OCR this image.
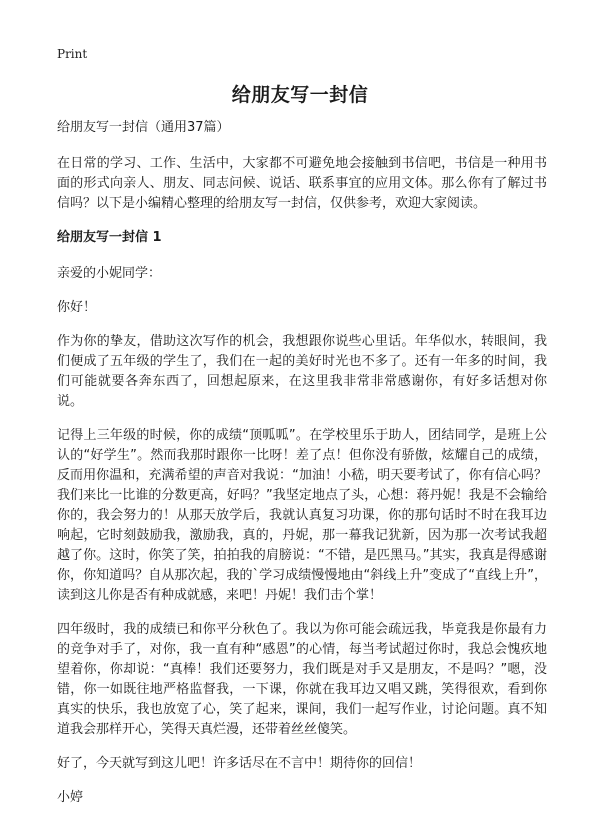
Print
给朋友写一封信

给朋友写一封信（通用37篇）

在日常的学习、工作、生活中，大家都不可避免地会接触到书信吧，书信是一种用书面的形式向亲人、朋友、同志问候、说话、联系事宜的应用文体。那么你有了解过书信吗？以下是小编精心整理的给朋友写一封信，仅供参考，欢迎大家阅读。

给朋友写一封信 1

亲爱的小妮同学：

你好！

作为你的挚友，借助这次写作的机会，我想跟你说些心里话。年华似水，转眼间，我们便成了五年级的学生了，我们在一起的美好时光也不多了。还有一年多的时间，我们可能就要各奔东西了，回想起原来，在这里我非常非常感谢你，有好多话想对你说。

记得上三年级的时候，你的成绩“顶呱呱”。在学校里乐于助人，团结同学，是班上公认的“好学生”。然而我那时跟你一比呀！差了点！但你没有骄傲，炫耀自己的成绩，反而用你温和，充满希望的声音对我说：“加油！小嵇，明天要考试了，你有信心吗？我们来比一比谁的分数更高，好吗？”我坚定地点了头，心想：蒋丹妮！我是不会输给你的，我会努力的！从那天放学后，我就认真复习功课，你的那句话时不时在我耳边响起，它时刻鼓励我，激励我，真的，丹妮，那一幕我记犹新，因为那一次考试我超越了你。这时，你笑了笑，拍拍我的肩膀说：“不错，是匹黑马。”其实，我真是得感谢你，你知道吗？自从那次起，我的`学习成绩慢慢地由“斜线上升”变成了“直线上升”，读到这儿你是否有种成就感，来吧！丹妮！我们击个掌！

四年级时，我的成绩已和你平分秋色了。我以为你可能会疏远我，毕竟我是你最有力的竞争对手了，对你，我一直有种“感恩”的心情，每当考试超过你时，我总会愧疚地望着你，你却说：“真棒！我们还要努力，我们既是对手又是朋友，不是吗？”嗯，没错，你一如既往地严格监督我，一下课，你就在我耳边又唱又跳，笑得很欢，看到你真实的快乐，我也放宽了心，笑了起来，课间，我们一起写作业，讨论问题。真不知道我会那样开心，笑得天真烂漫，还带着丝丝傻笑。

好了，今天就写到这儿吧！许多话尽在不言中！期待你的回信！

小婷
